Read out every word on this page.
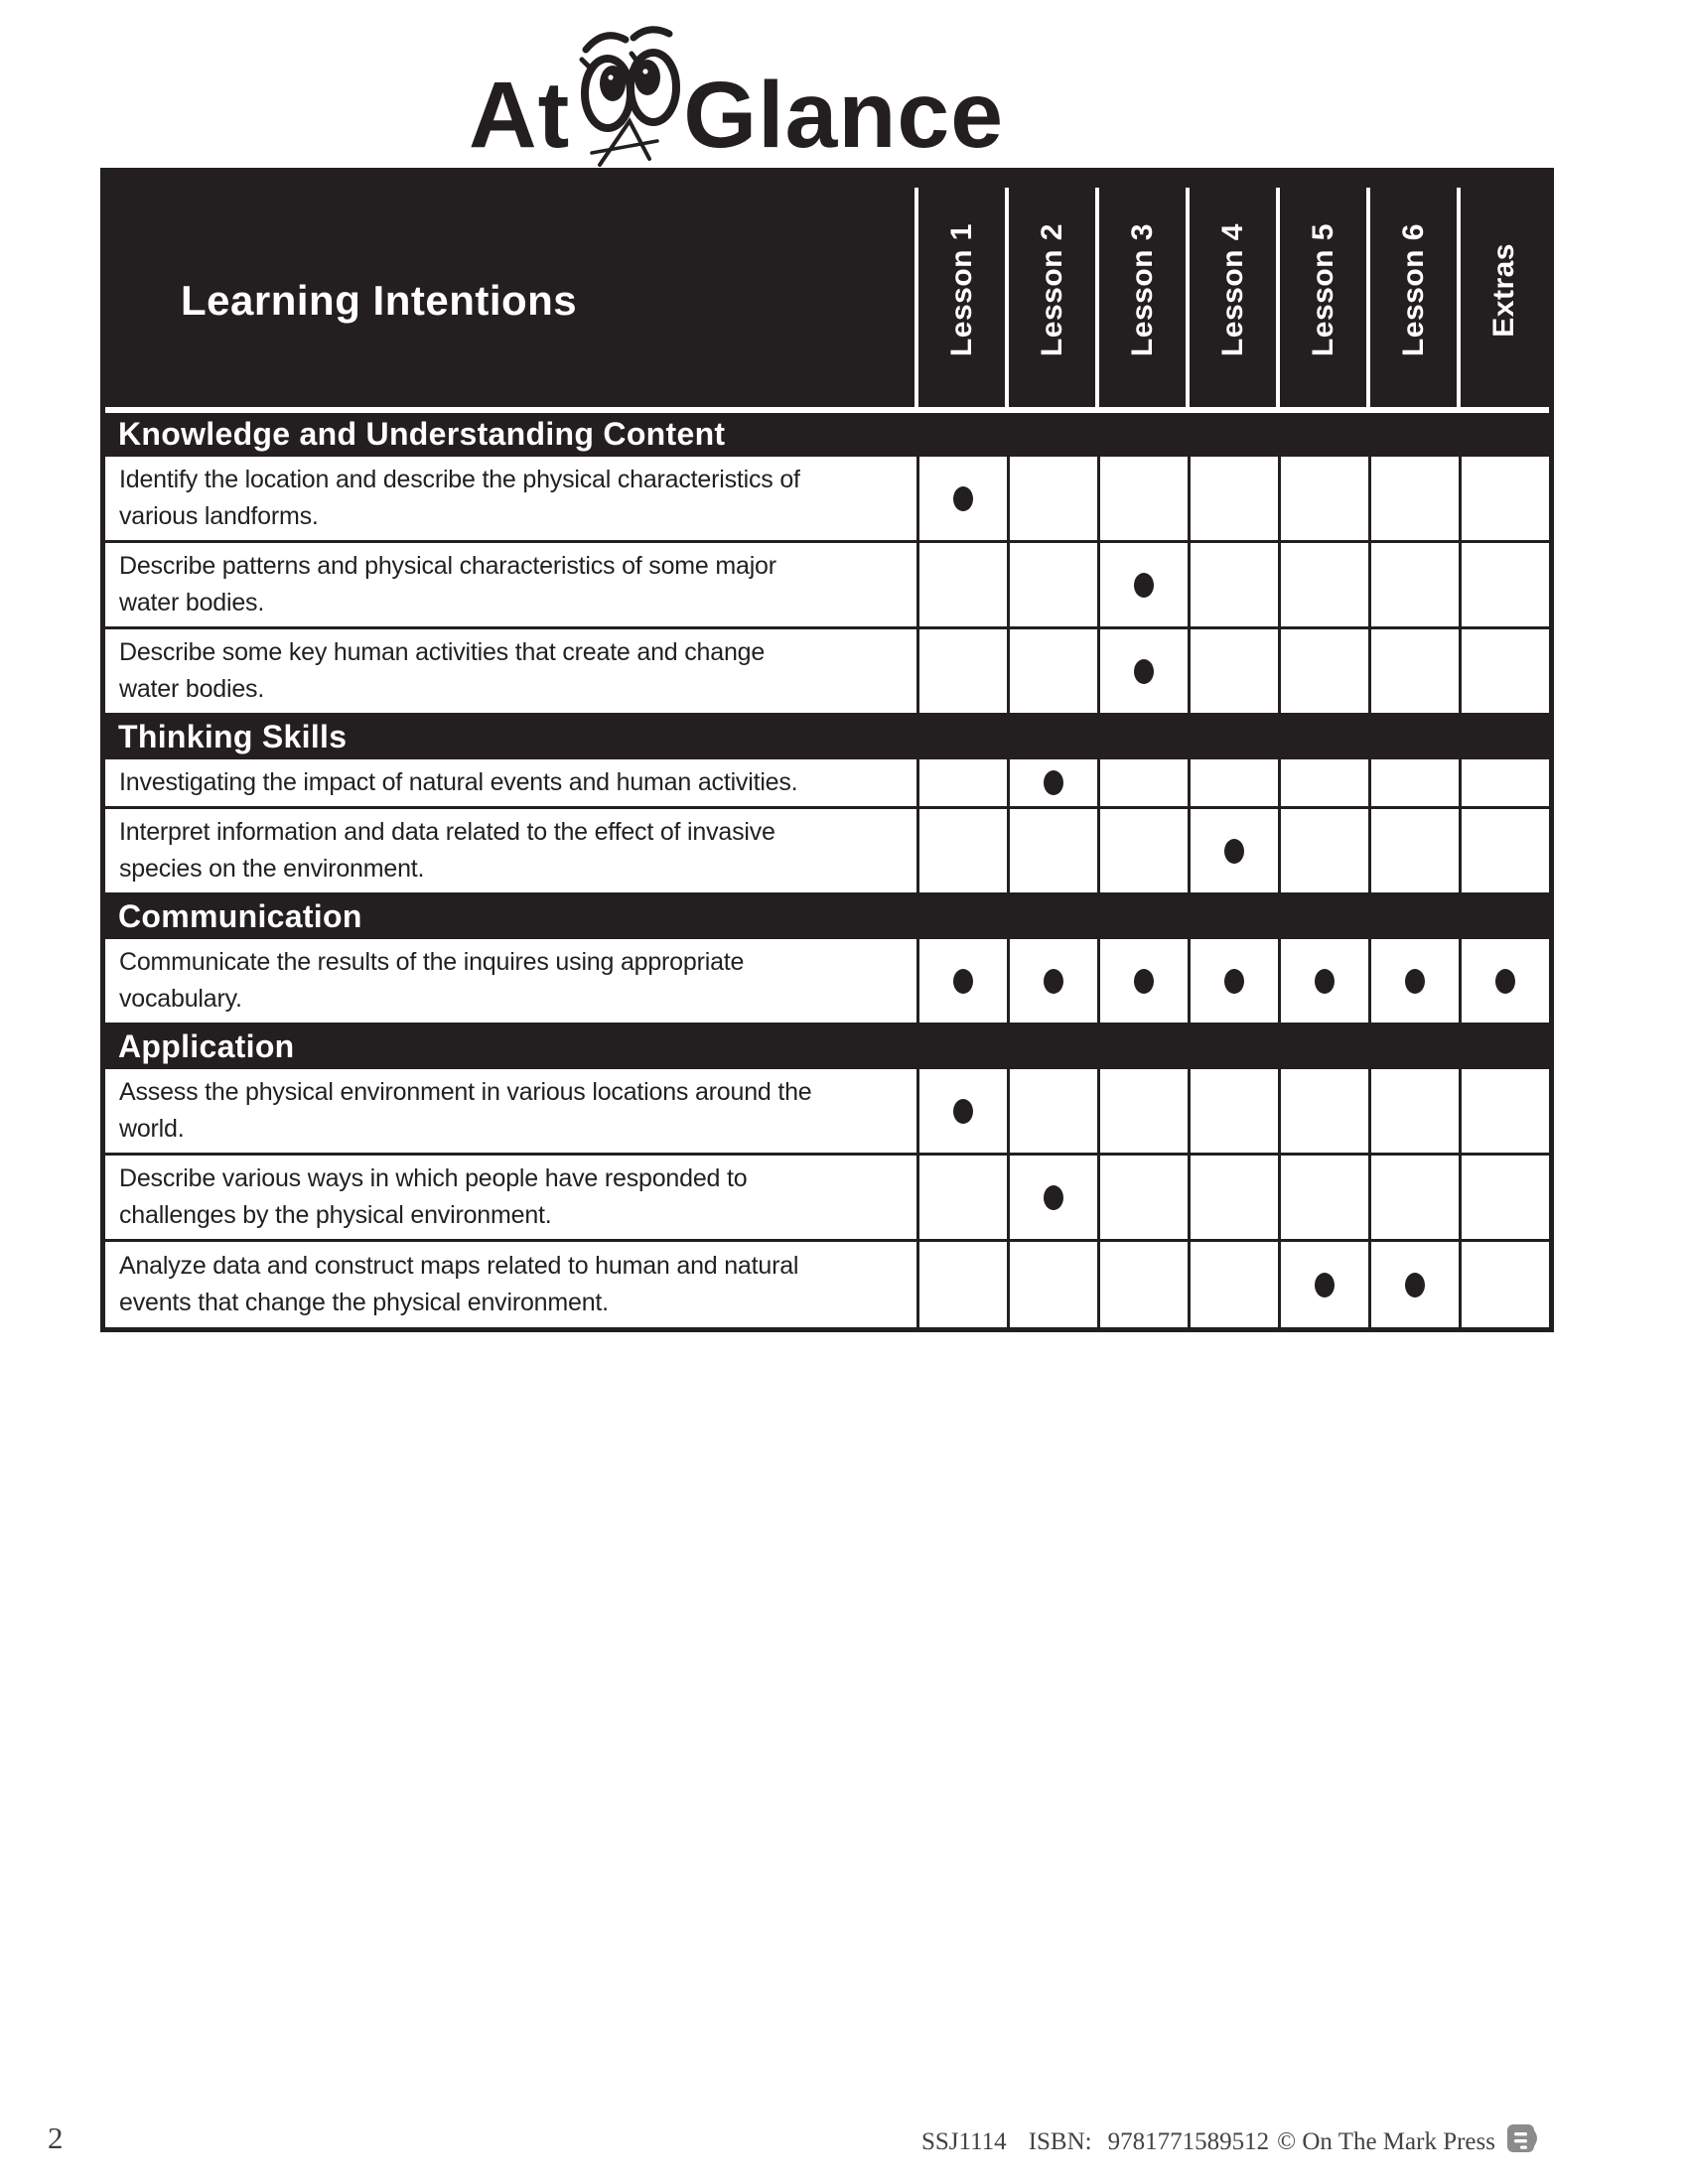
At Glance
Learning Intentions	Lesson 1 Lesson 2 Lesson 3 Lesson 4 Lesson 5 Lesson 6 Extras
Knowledge and Understanding Content
Identify the location and describe the physical characteristics of
various landforms.
Describe patterns and physical characteristics of some major
water bodies.
Describe some key human activities that create and change
water bodies.
Thinking Skills
Investigating the impact of natural events and human activities.
Interpret information and data related to the effect of invasive
species on the environment.
Communication
Communicate the results of the inquires using appropriate
vocabulary.
Application
Assess the physical environment in various locations around the
world.
Describe various ways in which people have responded to
challenges by the physical environment.
Analyze data and construct maps related to human and natural
events that change the physical environment.
2	SSJ1114 ISBN: 9781771589512 © On The Mark Press
